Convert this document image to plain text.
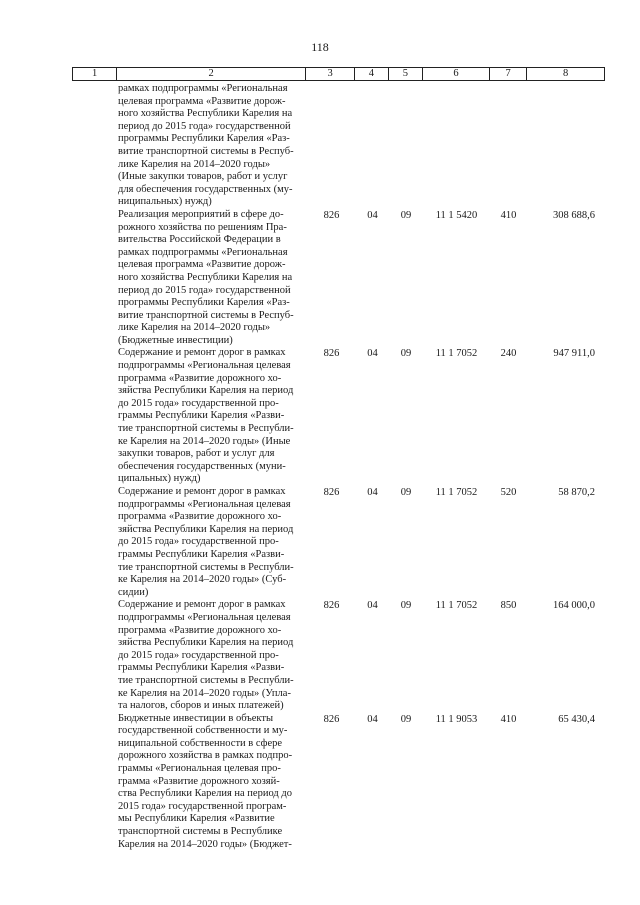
118
1	2	3	4	5	6	7	8
рамках подпрограммы «Региональная
целевая программа «Развитие дорож-
ного хозяйства Республики Карелия на
период до 2015 года» государственной
программы Республики Карелия «Раз-
витие транспортной системы в Респуб-
лике Карелия на 2014–2020 годы»
(Иные закупки товаров, работ и услуг
для обеспечения государственных (му-
ниципальных) нужд)
Реализация мероприятий в сфере до-
рожного хозяйства по решениям Пра-
вительства Российской Федерации в
рамках подпрограммы «Региональная
целевая программа «Развитие дорож-
ного хозяйства Республики Карелия на
период до 2015 года» государственной
программы Республики Карелия «Раз-
витие транспортной системы в Респуб-
лике Карелия на 2014–2020 годы»
(Бюджетные инвестиции)
826	04	09	11 1 5420	410	308 688,6
Содержание и ремонт дорог в рамках
подпрограммы «Региональная целевая
программа «Развитие дорожного хо-
зяйства Республики Карелия на период
до 2015 года» государственной про-
граммы Республики Карелия «Разви-
тие транспортной системы в Республи-
ке Карелия на 2014–2020 годы» (Иные
закупки товаров, работ и услуг для
обеспечения государственных (муни-
ципальных) нужд)
826	04	09	11 1 7052	240	947 911,0
Содержание и ремонт дорог в рамках
подпрограммы «Региональная целевая
программа «Развитие дорожного хо-
зяйства Республики Карелия на период
до 2015 года» государственной про-
граммы Республики Карелия «Разви-
тие транспортной системы в Республи-
ке Карелия на 2014–2020 годы» (Суб-
сидии)
826	04	09	11 1 7052	520	58 870,2
Содержание и ремонт дорог в рамках
подпрограммы «Региональная целевая
программа «Развитие дорожного хо-
зяйства Республики Карелия на период
до 2015 года» государственной про-
граммы Республики Карелия «Разви-
тие транспортной системы в Республи-
ке Карелия на 2014–2020 годы» (Упла-
та налогов, сборов и иных платежей)
826	04	09	11 1 7052	850	164 000,0
Бюджетные инвестиции в объекты
государственной собственности и му-
ниципальной собственности в сфере
дорожного хозяйства в рамках подпро-
граммы «Региональная целевая про-
грамма «Развитие дорожного хозяй-
ства Республики Карелия на период до
2015 года» государственной програм-
мы Республики Карелия «Развитие
транспортной системы в Республике
Карелия на 2014–2020 годы» (Бюджет-
826	04	09	11 1 9053	410	65 430,4
